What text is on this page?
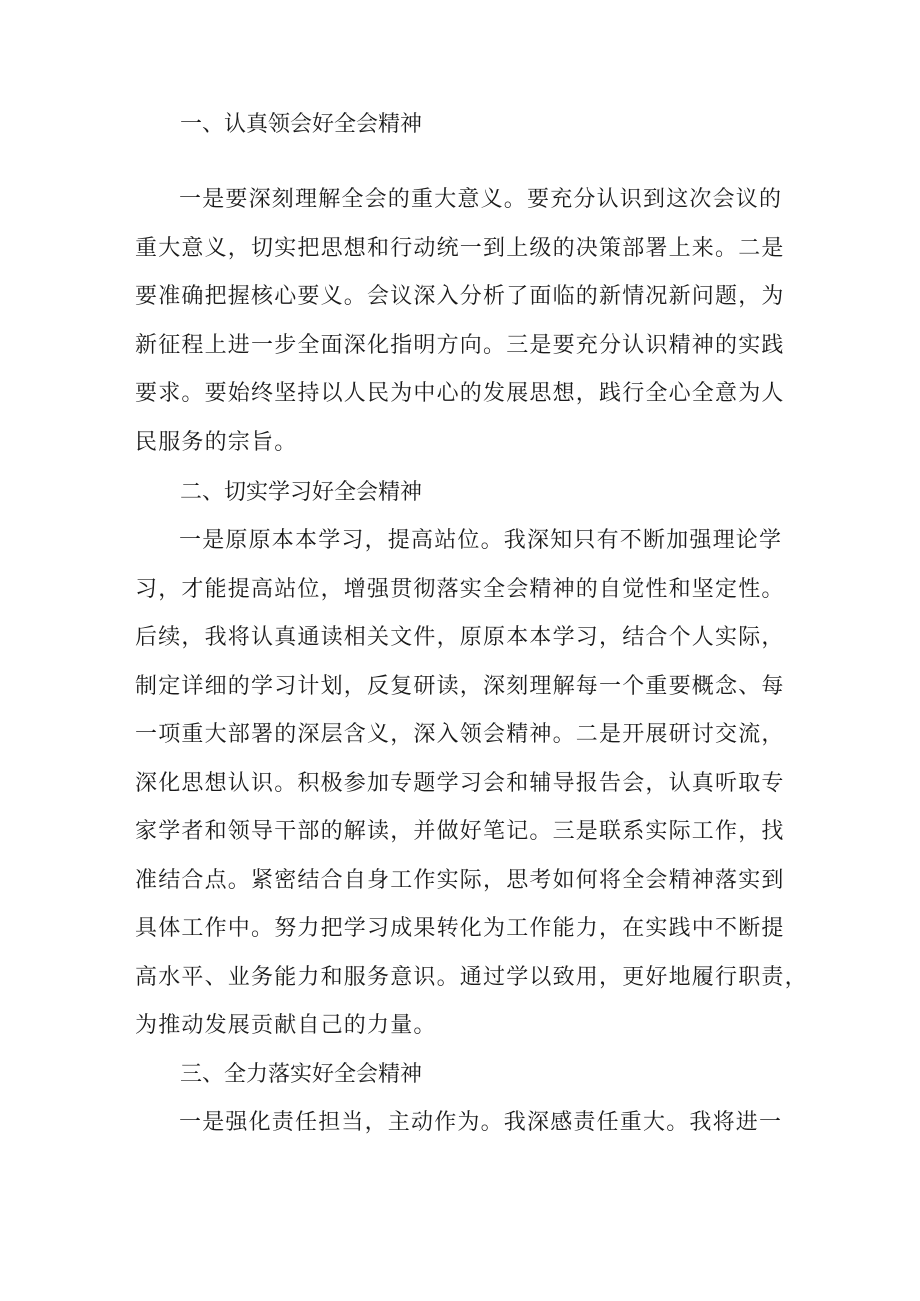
一、认真领会好全会精神
一是要深刻理解全会的重大意义。要充分认识到这次会议的
重大意义，切实把思想和行动统一到上级的决策部署上来。二是
要准确把握核心要义。会议深入分析了面临的新情况新问题，为
新征程上进一步全面深化指明方向。三是要充分认识精神的实践
要求。要始终坚持以人民为中心的发展思想，践行全心全意为人
民服务的宗旨。
二、切实学习好全会精神
一是原原本本学习，提高站位。我深知只有不断加强理论学
习，才能提高站位，增强贯彻落实全会精神的自觉性和坚定性。
后续，我将认真通读相关文件，原原本本学习，结合个人实际，
制定详细的学习计划，反复研读，深刻理解每一个重要概念、每
一项重大部署的深层含义，深入领会精神。二是开展研讨交流，
深化思想认识。积极参加专题学习会和辅导报告会，认真听取专
家学者和领导干部的解读，并做好笔记。三是联系实际工作，找
准结合点。紧密结合自身工作实际，思考如何将全会精神落实到
具体工作中。努力把学习成果转化为工作能力，在实践中不断提
高水平、业务能力和服务意识。通过学以致用，更好地履行职责，
为推动发展贡献自己的力量。
三、全力落实好全会精神
一是强化责任担当，主动作为。我深感责任重大。我将进一
